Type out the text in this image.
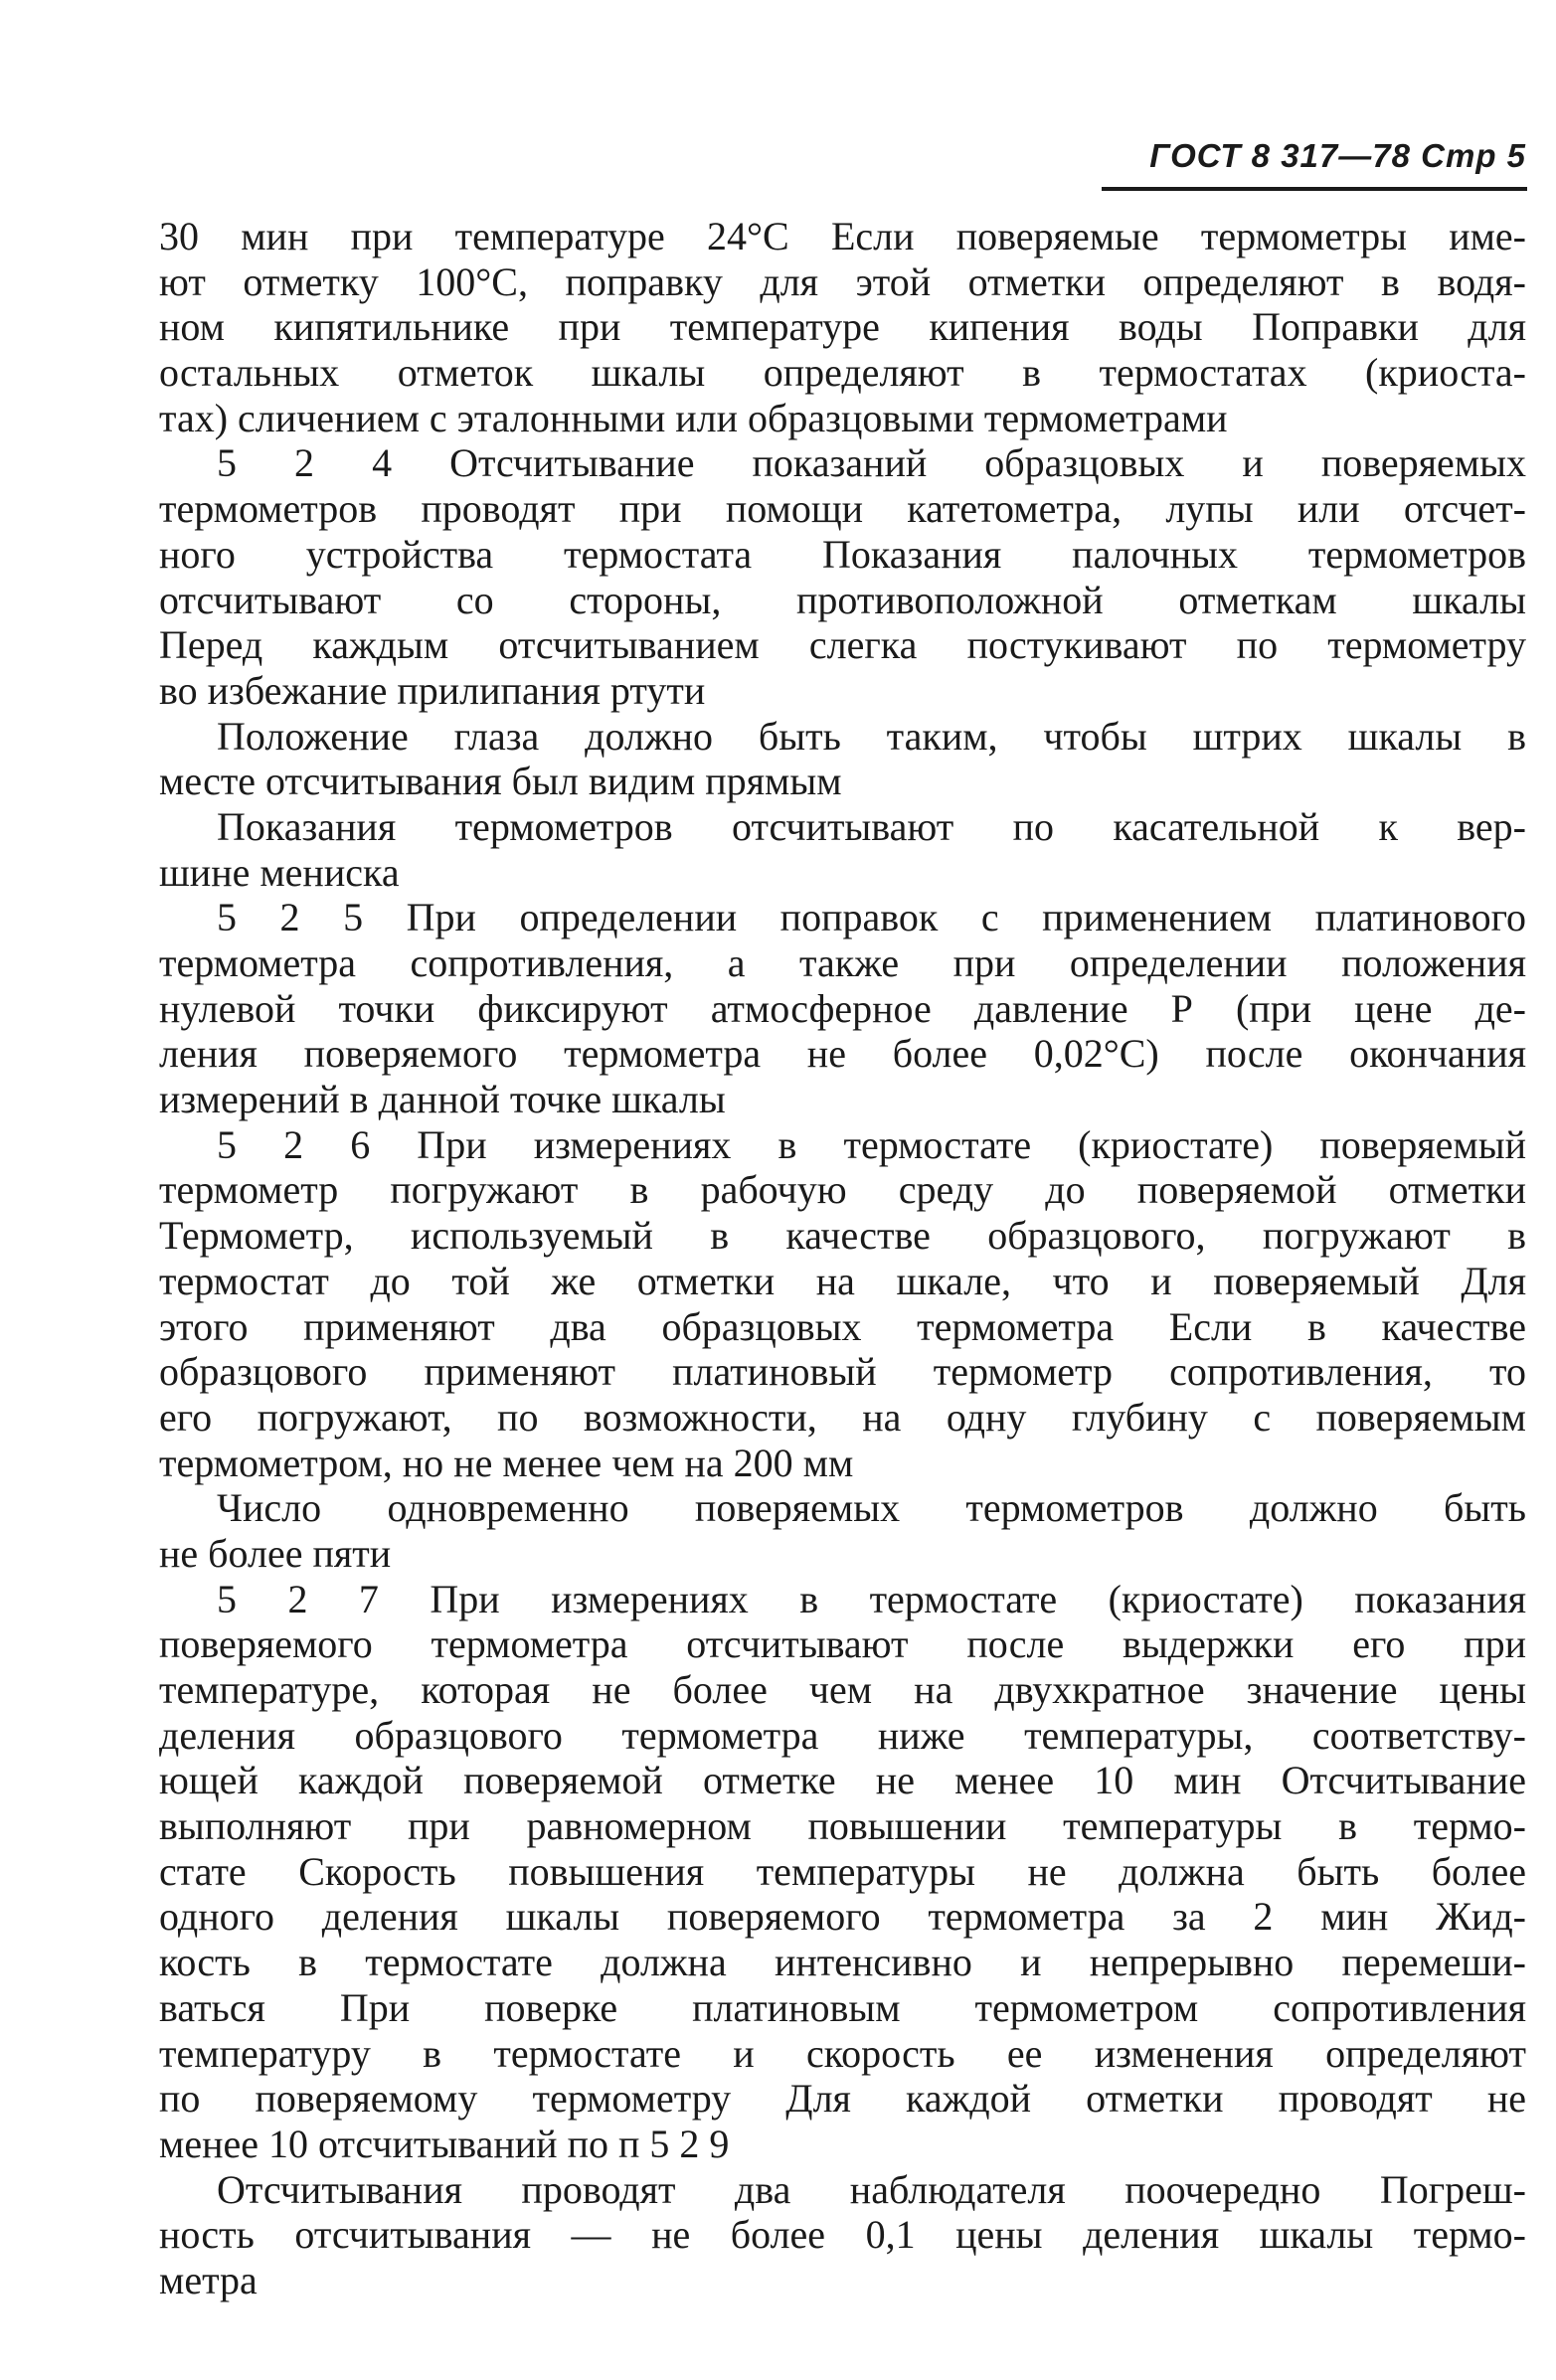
ГОСТ 8 317—78 Стр 5
30 мин при температуре 24°С Если поверяемые термометры име-
ют отметку 100°С, поправку для этой отметки определяют в водя-
ном кипятильнике при температуре кипения воды Поправки для
остальных отметок шкалы определяют в термостатах (криоста-
тах) сличением с эталонными или образцовыми термометрами
5 2 4 Отсчитывание показаний образцовых и поверяемых
термометров проводят при помощи катетометра, лупы или отсчет-
ного устройства термостата Показания палочных термометров
отсчитывают со стороны, противоположной отметкам шкалы
Перед каждым отсчитыванием слегка постукивают по термометру
во избежание прилипания ртути
Положение глаза должно быть таким, чтобы штрих шкалы в
месте отсчитывания был видим прямым
Показания термометров отсчитывают по касательной к вер-
шине мениска
5 2 5 При определении поправок с применением платинового
термометра сопротивления, а также при определении положения
нулевой точки фиксируют атмосферное давление Р (при цене де-
ления поверяемого термометра не более 0,02°С) после окончания
измерений в данной точке шкалы
5 2 6 При измерениях в термостате (криостате) поверяемый
термометр погружают в рабочую среду до поверяемой отметки
Термометр, используемый в качестве образцового, погружают в
термостат до той же отметки на шкале, что и поверяемый Для
этого применяют два образцовых термометра Если в качестве
образцового применяют платиновый термометр сопротивления, то
его погружают, по возможности, на одну глубину с поверяемым
термометром, но не менее чем на 200 мм
Число одновременно поверяемых термометров должно быть
не более пяти
5 2 7 При измерениях в термостате (криостате) показания
поверяемого термометра отсчитывают после выдержки его при
температуре, которая не более чем на двухкратное значение цены
деления образцового термометра ниже температуры, соответству-
ющей каждой поверяемой отметке не менее 10 мин Отсчитывание
выполняют при равномерном повышении температуры в термо-
стате Скорость повышения температуры не должна быть более
одного деления шкалы поверяемого термометра за 2 мин Жид-
кость в термостате должна интенсивно и непрерывно перемеши-
ваться При поверке платиновым термометром сопротивления
температуру в термостате и скорость ее изменения определяют
по поверяемому термометру Для каждой отметки проводят не
менее 10 отсчитываний по п 5 2 9
Отсчитывания проводят два наблюдателя поочередно Погреш-
ность отсчитывания — не более 0,1 цены деления шкалы термо-
метра
